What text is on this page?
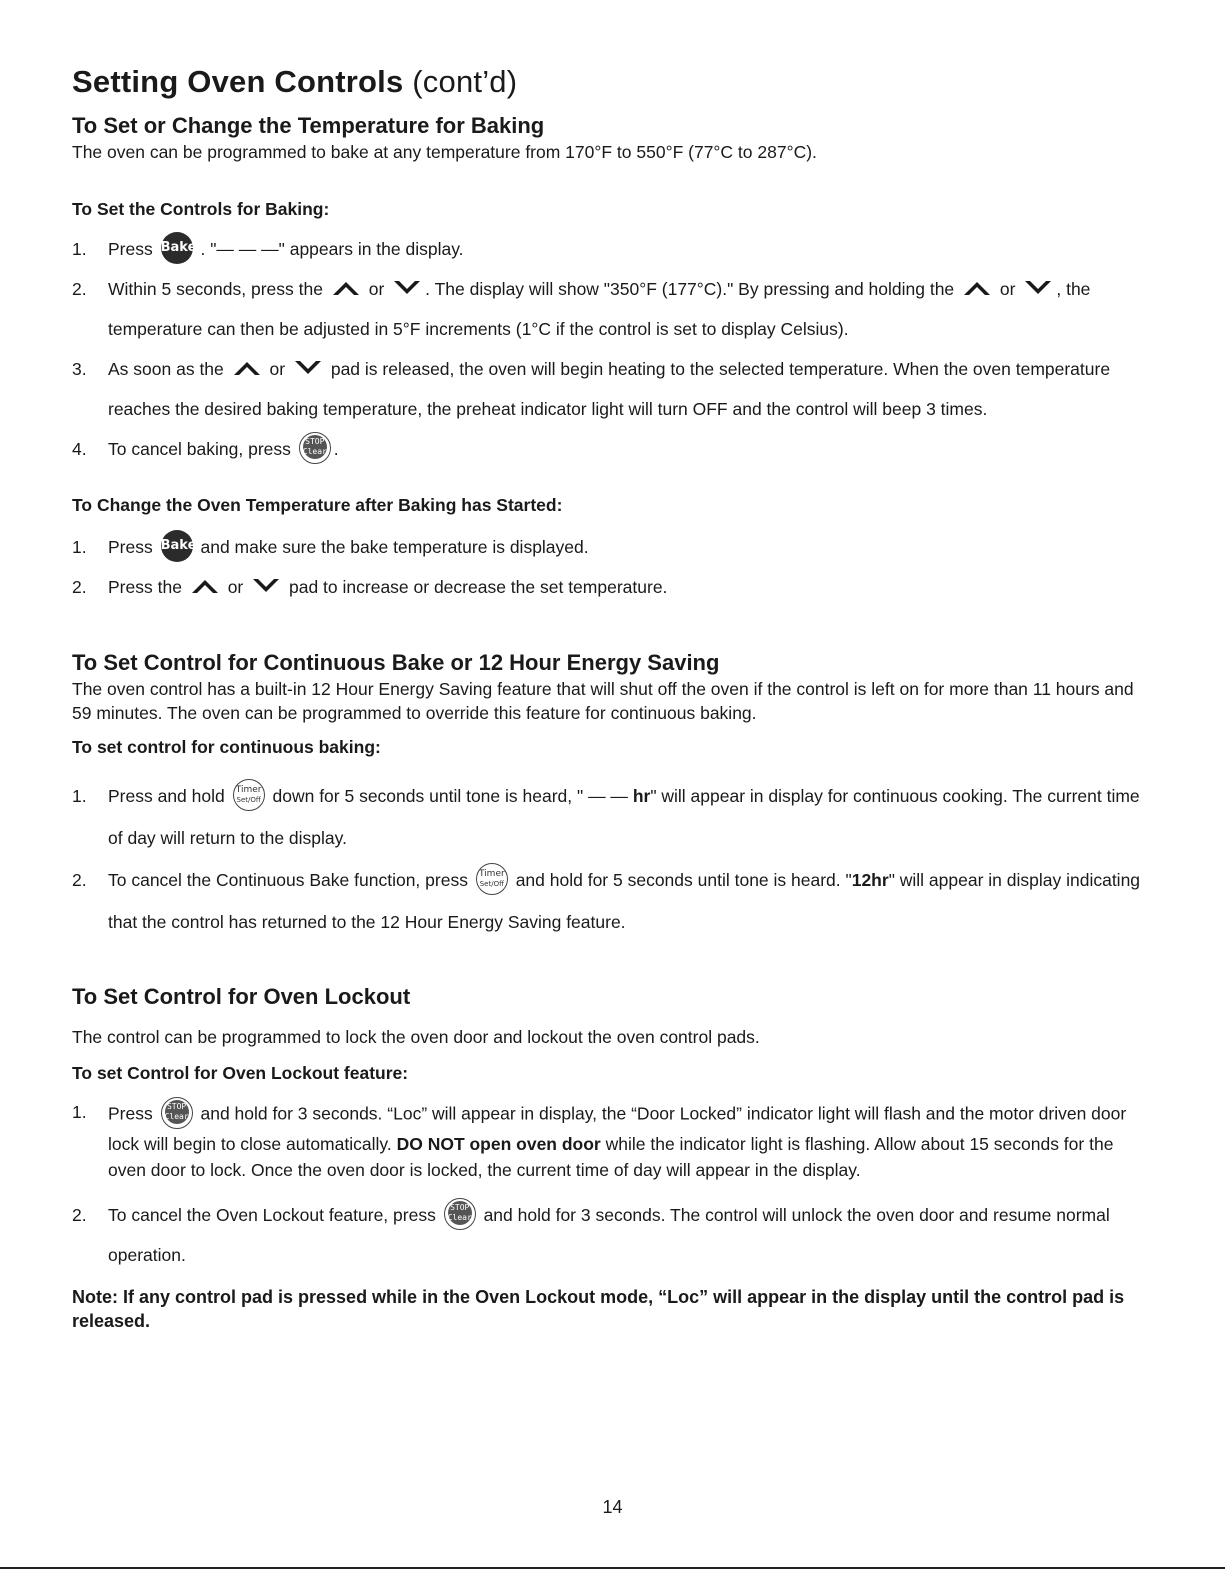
Setting Oven Controls (cont’d)
To Set or Change the Temperature for Baking

The oven can be programmed to bake at any temperature from 170°F to 550°F (77°C to 287°C).

To Set the Controls for Baking:
1. Press Bake . "— — —" appears in the display.
2. Within 5 seconds, press the	or . The display will show "350°F (177°C)." By pressing and holding the	or , the temperature can then be adjusted in 5°F increments (1°C if the control is set to display Celsius).
3. As soon as the	or	pad is released, the oven will begin heating to the selected temperature. When the oven temperature reaches the desired baking temperature, the preheat indicator light will turn OFF and the control will beep 3 times.
4. To cancel baking, press STOP
Clear .
To Change the Oven Temperature after Baking has Started:
1. Press Bake and make sure the bake temperature is displayed.
2. Press the	or	pad to increase or decrease the set temperature.
To Set Control for Continuous Bake or 12 Hour Energy Saving

The oven control has a built-in 12 Hour Energy Saving feature that will shut off the oven if the control is left on for more than 11 hours and 59 minutes. The oven can be programmed to override this feature for continuous baking.

To set control for continuous baking:
1. Press and hold Timer
Set/Off down for 5 seconds until tone is heard, " — — hr" will appear in display for continuous cooking. The current time of day will return to the display.
2. To cancel the Continuous Bake function, press Timer
Set/Off and hold for 5 seconds until tone is heard. "12hr" will appear in display indicating that the control has returned to the 12 Hour Energy Saving feature.
To Set Control for Oven Lockout

The control can be programmed to lock the oven door and lockout the oven control pads.

To set Control for Oven Lockout feature:
1. Press STOP
Clear and hold for 3 seconds. “Loc” will appear in display, the “Door Locked” indicator light will flash and the motor driven door lock will begin to close automatically. DO NOT open oven door while the indicator light is flashing. Allow about 15 seconds for the oven door to lock. Once the oven door is locked, the current time of day will appear in the display.
2. To cancel the Oven Lockout feature, press STOP
Clear and hold for 3 seconds. The control will unlock the oven door and resume normal operation.

Note: If any control pad is pressed while in the Oven Lockout mode, “Loc” will appear in the display until the control pad is released.

14
